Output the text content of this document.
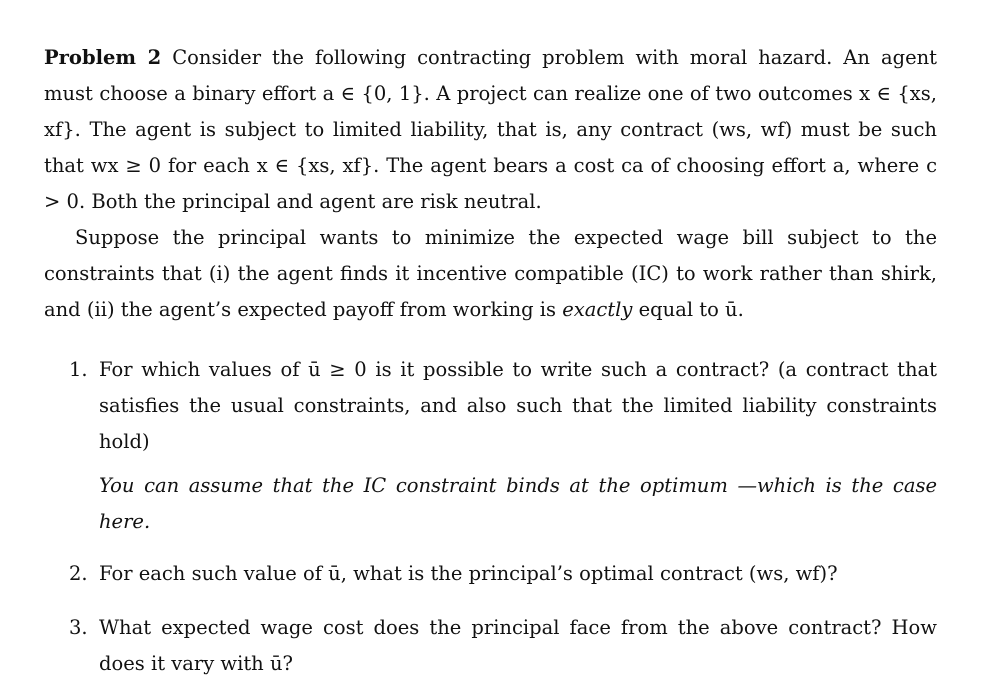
Problem 2 Consider the following contracting problem with moral hazard. An agent must choose a binary effort a ∈ {0, 1}. A project can realize one of two outcomes x ∈ {xs, xf}. The agent is subject to limited liability, that is, any contract (ws, wf) must be such that wx ≥ 0 for each x ∈ {xs, xf}. The agent bears a cost ca of choosing effort a, where c > 0. Both the principal and agent are risk neutral.

Suppose the principal wants to minimize the expected wage bill subject to the constraints that (i) the agent finds it incentive compatible (IC) to work rather than shirk, and (ii) the agent’s expected payoff from working is exactly equal to ū.

1. For which values of ū ≥ 0 is it possible to write such a contract? (a contract that satisfies the usual constraints, and also such that the limited liability constraints hold)
You can assume that the IC constraint binds at the optimum —which is the case here.
2. For each such value of ū, what is the principal’s optimal contract (ws, wf)?
3. What expected wage cost does the principal face from the above contract? How does it vary with ū?
